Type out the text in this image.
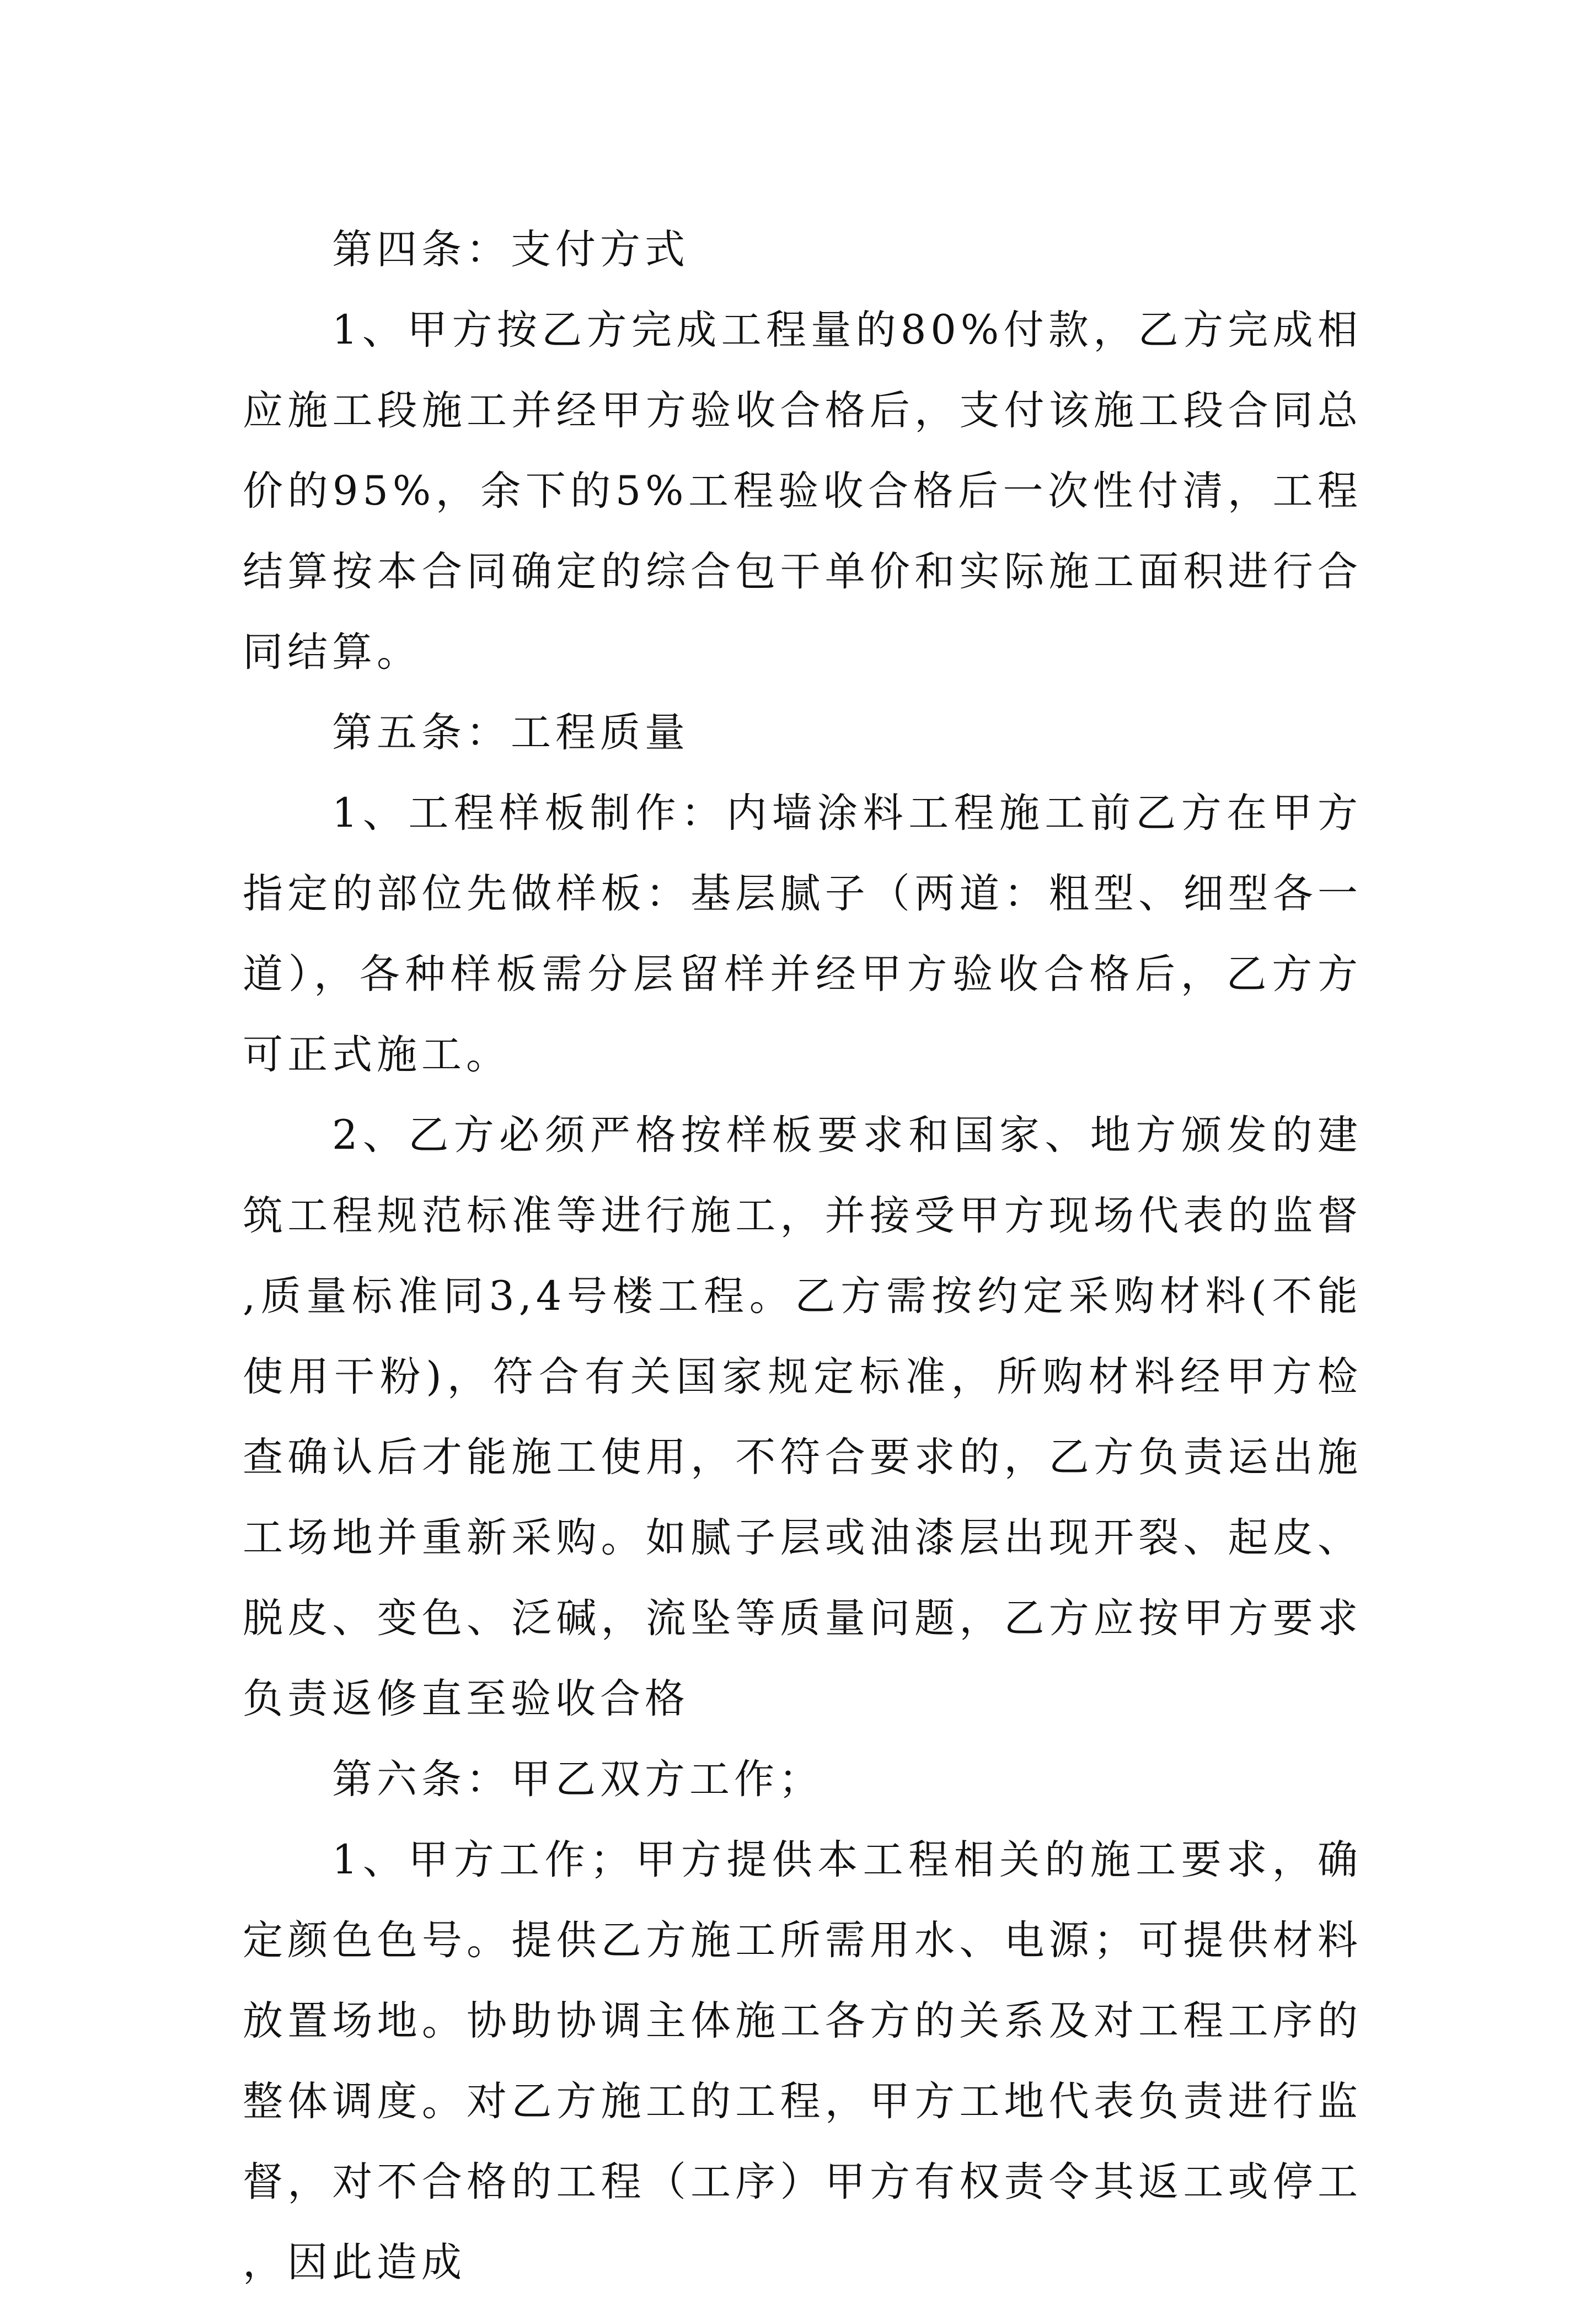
第四条：支付方式

1、甲方按乙方完成工程量的80%付款，乙方完成相应施工段施工并经甲方验收合格后，支付该施工段合同总价的95%，余下的5%工程验收合格后一次性付清，工程结算按本合同确定的综合包干单价和实际施工面积进行合同结算。

第五条：工程质量

1、工程样板制作：内墙涂料工程施工前乙方在甲方指定的部位先做样板：基层腻子（两道：粗型、细型各一道），各种样板需分层留样并经甲方验收合格后，乙方方可正式施工。

2、乙方必须严格按样板要求和国家、地方颁发的建筑工程规范标准等进行施工，并接受甲方现场代表的监督,质量标准同3,4号楼工程。乙方需按约定采购材料(不能使用干粉)，符合有关国家规定标准，所购材料经甲方检查确认后才能施工使用，不符合要求的，乙方负责运出施工场地并重新采购。如腻子层或油漆层出现开裂、起皮、脱皮、变色、泛碱，流坠等质量问题，乙方应按甲方要求负责返修直至验收合格

第六条：甲乙双方工作；

1、甲方工作；甲方提供本工程相关的施工要求，确定颜色色号。提供乙方施工所需用水、电源；可提供材料放置场地。协助协调主体施工各方的关系及对工程工序的整体调度。对乙方施工的工程，甲方工地代表负责进行监督，对不合格的工程（工序）甲方有权责令其返工或停工，因此造成
